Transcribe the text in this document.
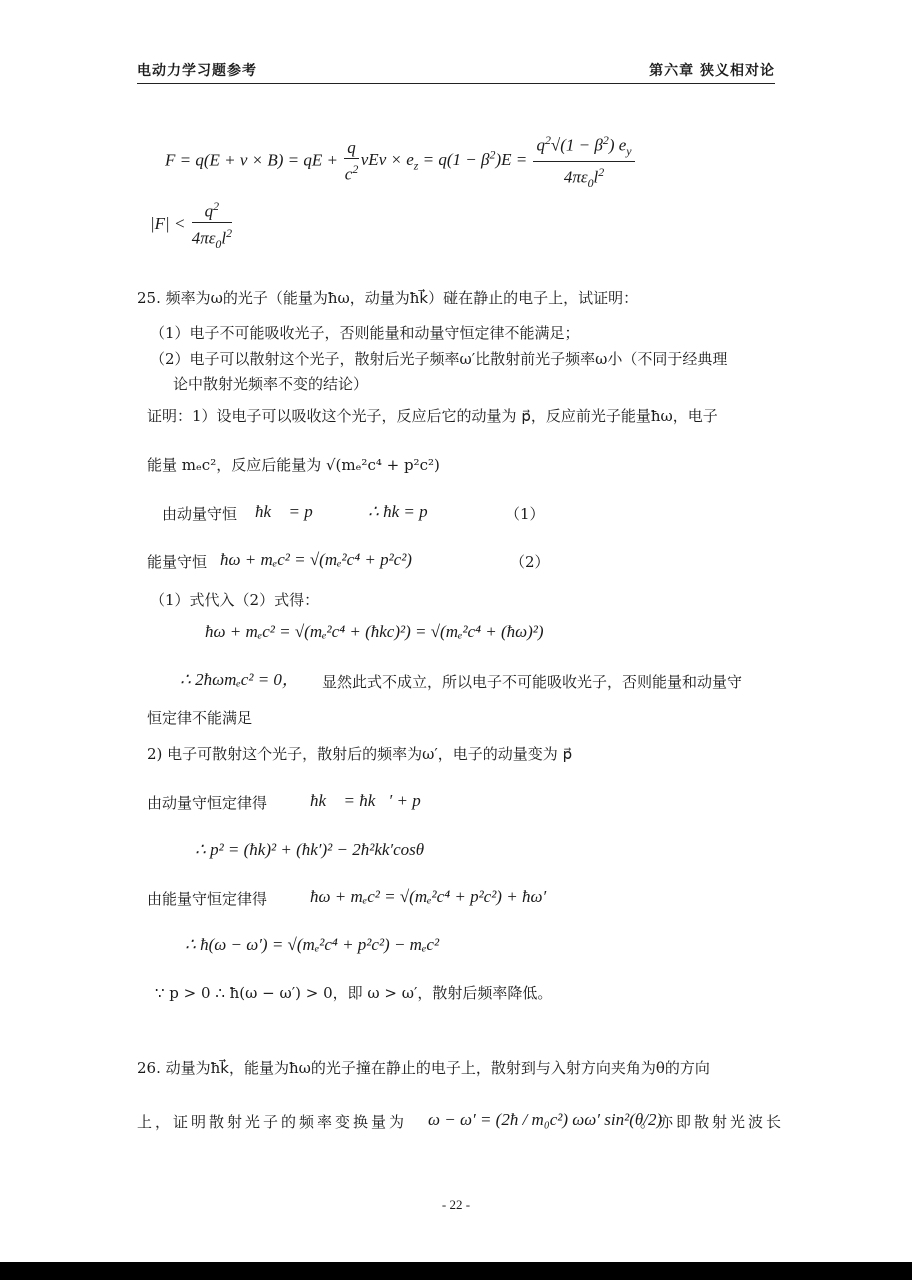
电动力学习题参考	第六章 狭义相对论
F = q(E + v × B) = qE + $\frac{q}{c^2}$ vEv × $e_z = q(1 - \beta^2)E = \frac{q^2√(1 - \beta^2) e_y}{4\pi\varepsilon_0l^2}$
$|F| < \frac{q^2}{4\pi\varepsilon_0l^2}$
25. 频率为ω的光子（能量为ħω，动量为ħk⃗）碰在静止的电子上，试证明：
（1）电子不可能吸收光子，否则能量和动量守恒定律不能满足；
（2）电子可以散射这个光子，散射后光子频率ω′比散射前光子频率ω小（不同于经典理
论中散射光频率不变的结论）
证明：1）设电子可以吸收这个光子，反应后它的动量为 p⃗，反应前光子能量ħω，电子
能量 mₑc²，反应后能量为 √(mₑ²c⁴ + p²c²)
由动量守恒 ħk⃗ = p⃗ ∴ ħk = p	（1）
能量守恒 ħω + mₑc² = √(mₑ²c⁴ + p²c²)	（2）
（1）式代入（2）式得：
ħω + mₑc² = √(mₑ²c⁴ + (ħkc)²) = √(mₑ²c⁴ + (ħω)²)
∴ 2ħωmₑc² = 0， 显然此式不成立，所以电子不可能吸收光子，否则能量和动量守
恒定律不能满足
2) 电子可散射这个光子，散射后的频率为ω′，电子的动量变为 p⃗
由动量守恒定律得	ħk⃗ = ħk⃗′ + p⃗
∴ p² = (ħk)² + (ħk′)² − 2ħ²kk′cosθ
由能量守恒定律得	ħω + mₑc² = √(mₑ²c⁴ + p²c²) + ħω′
∴ ħ(ω − ω′) = √(mₑ²c⁴ + p²c²) − mₑc²
∵ p > 0 ∴ ħ(ω − ω′) > 0，即 ω > ω′，散射后频率降低。
26. 动量为ħk⃗，能量为ħω的光子撞在静止的电子上，散射到与入射方向夹角为θ的方向
上，证明散射光子的频率变换量为 ω − ω′ = (2ħ / m₀c²) ωω′ sin²(θ/2)
。亦即散射光波长
- 22 -
